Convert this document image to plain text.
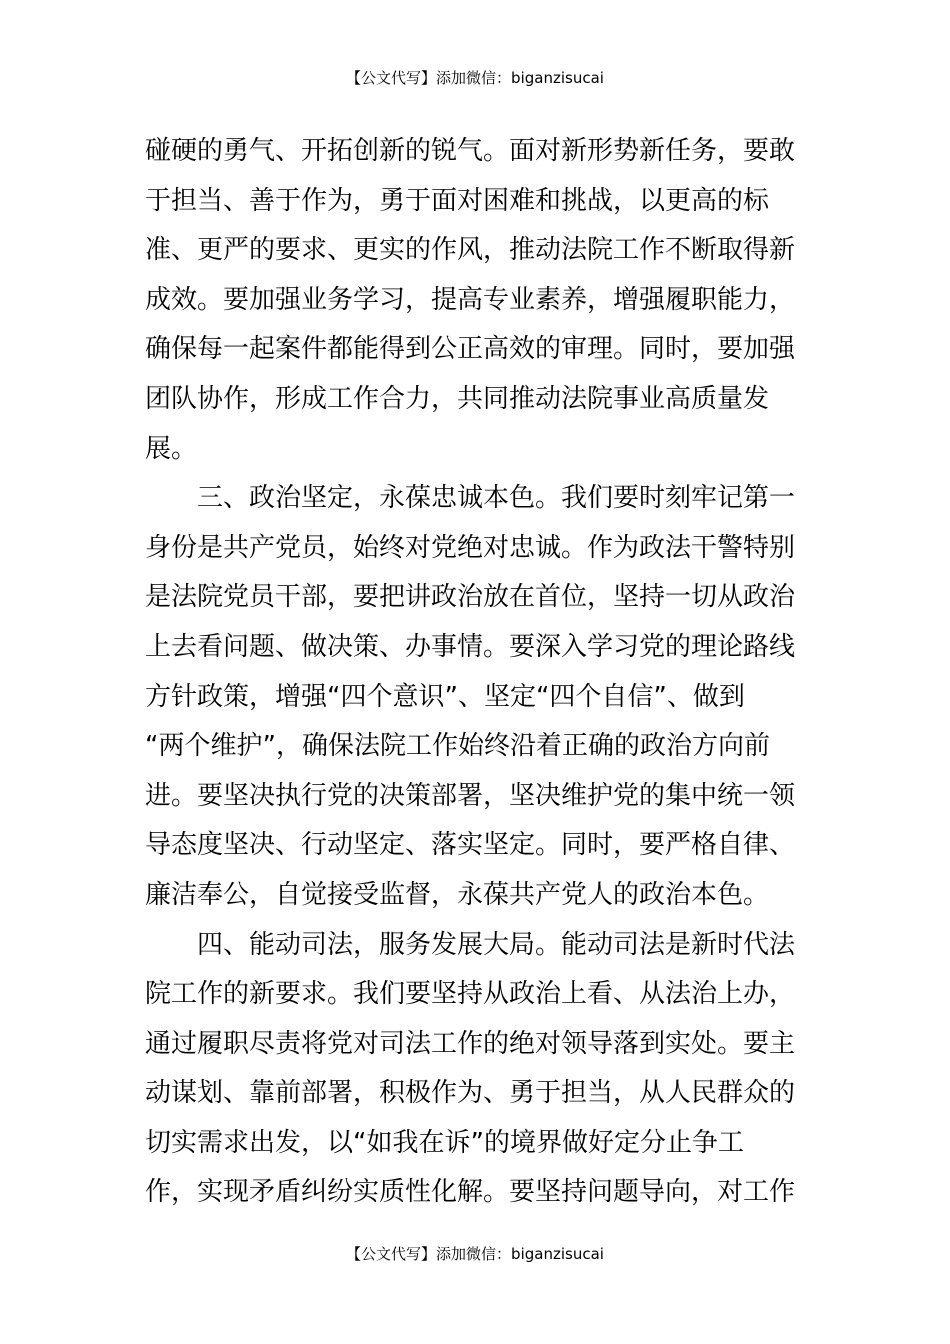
【公文代写】添加微信：biganzisucai
碰硬的勇气、开拓创新的锐气。面对新形势新任务，要敢
于担当、善于作为，勇于面对困难和挑战，以更高的标
准、更严的要求、更实的作风，推动法院工作不断取得新
成效。要加强业务学习，提高专业素养，增强履职能力，
确保每一起案件都能得到公正高效的审理。同时，要加强
团队协作，形成工作合力，共同推动法院事业高质量发
展。
三、政治坚定，永葆忠诚本色。我们要时刻牢记第一
身份是共产党员，始终对党绝对忠诚。作为政法干警特别
是法院党员干部，要把讲政治放在首位，坚持一切从政治
上去看问题、做决策、办事情。要深入学习党的理论路线
方针政策，增强“四个意识”、坚定“四个自信”、做到
“两个维护”，确保法院工作始终沿着正确的政治方向前
进。要坚决执行党的决策部署，坚决维护党的集中统一领
导态度坚决、行动坚定、落实坚定。同时，要严格自律、
廉洁奉公，自觉接受监督，永葆共产党人的政治本色。
四、能动司法，服务发展大局。能动司法是新时代法
院工作的新要求。我们要坚持从政治上看、从法治上办，
通过履职尽责将党对司法工作的绝对领导落到实处。要主
动谋划、靠前部署，积极作为、勇于担当，从人民群众的
切实需求出发，以“如我在诉”的境界做好定分止争工
作，实现矛盾纠纷实质性化解。要坚持问题导向，对工作
【公文代写】添加微信：biganzisucai
